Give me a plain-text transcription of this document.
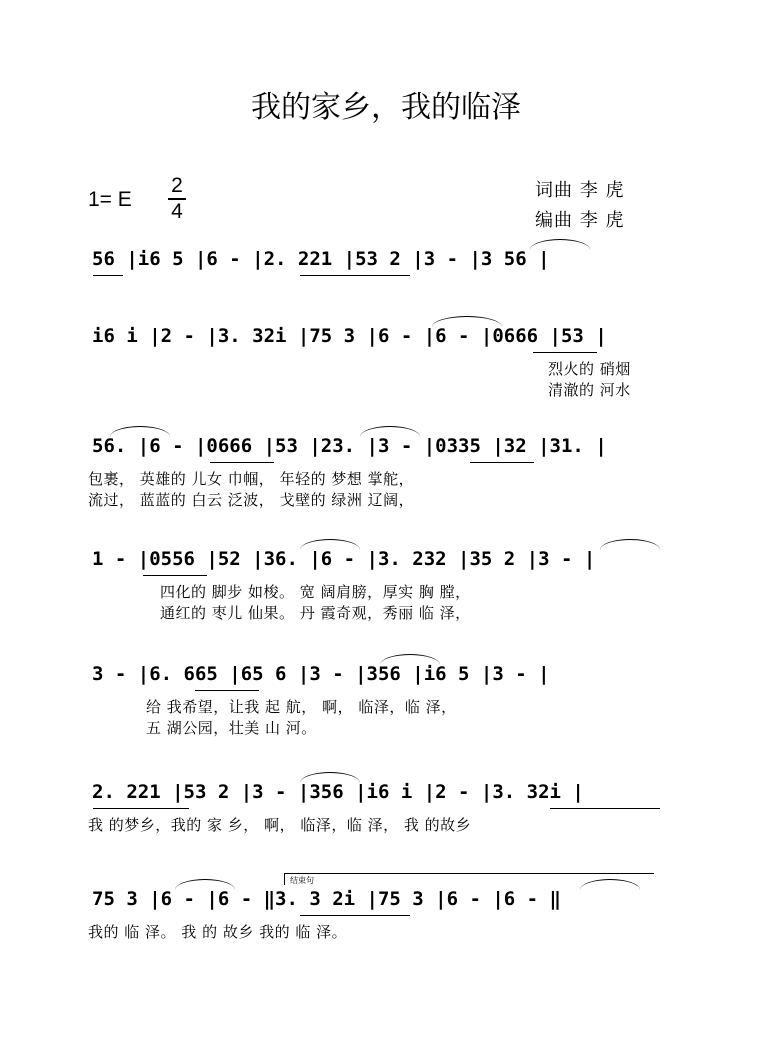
我的家乡，我的临泽
1= E
2
4
词曲 李 虎
编曲 李 虎
56 |i6 5 |6 - |2. 221 |53 2 |3 - |3 56 |
i6 i |2 - |3. 32i |75 3 |6 - |6 - |0666 |53 |
烈火的 硝烟
清澈的 河水
56. |6 - |0666 |53 |23. |3 - |0335 |32 |31. |
包裹， 英雄的 儿女 巾帼， 年轻的 梦想 掌舵，
流过， 蓝蓝的 白云 泛波， 戈壁的 绿洲 辽阔，
1 - |0556 |52 |36. |6 - |3. 232 |35 2 |3 - |
四化的 脚步 如梭。 宽 阔肩膀，厚实 胸 膛，
通红的 枣儿 仙果。 丹 霞奇观，秀丽 临 泽，
3 - |6. 665 |65 6 |3 - |356 |i6 5 |3 - |
给 我希望，让我 起 航， 啊， 临泽，临 泽，
五 湖公园，壮美 山 河。
2. 221 |53 2 |3 - |356 |i6 i |2 - |3. 32i |
我 的梦乡，我的 家 乡， 啊， 临泽，临 泽， 我 的故乡
结束句
75 3 |6 - |6 - ‖3. 3 2i |75 3 |6 - |6 - ‖
我的 临 泽。 我 的 故乡 我的 临 泽。
